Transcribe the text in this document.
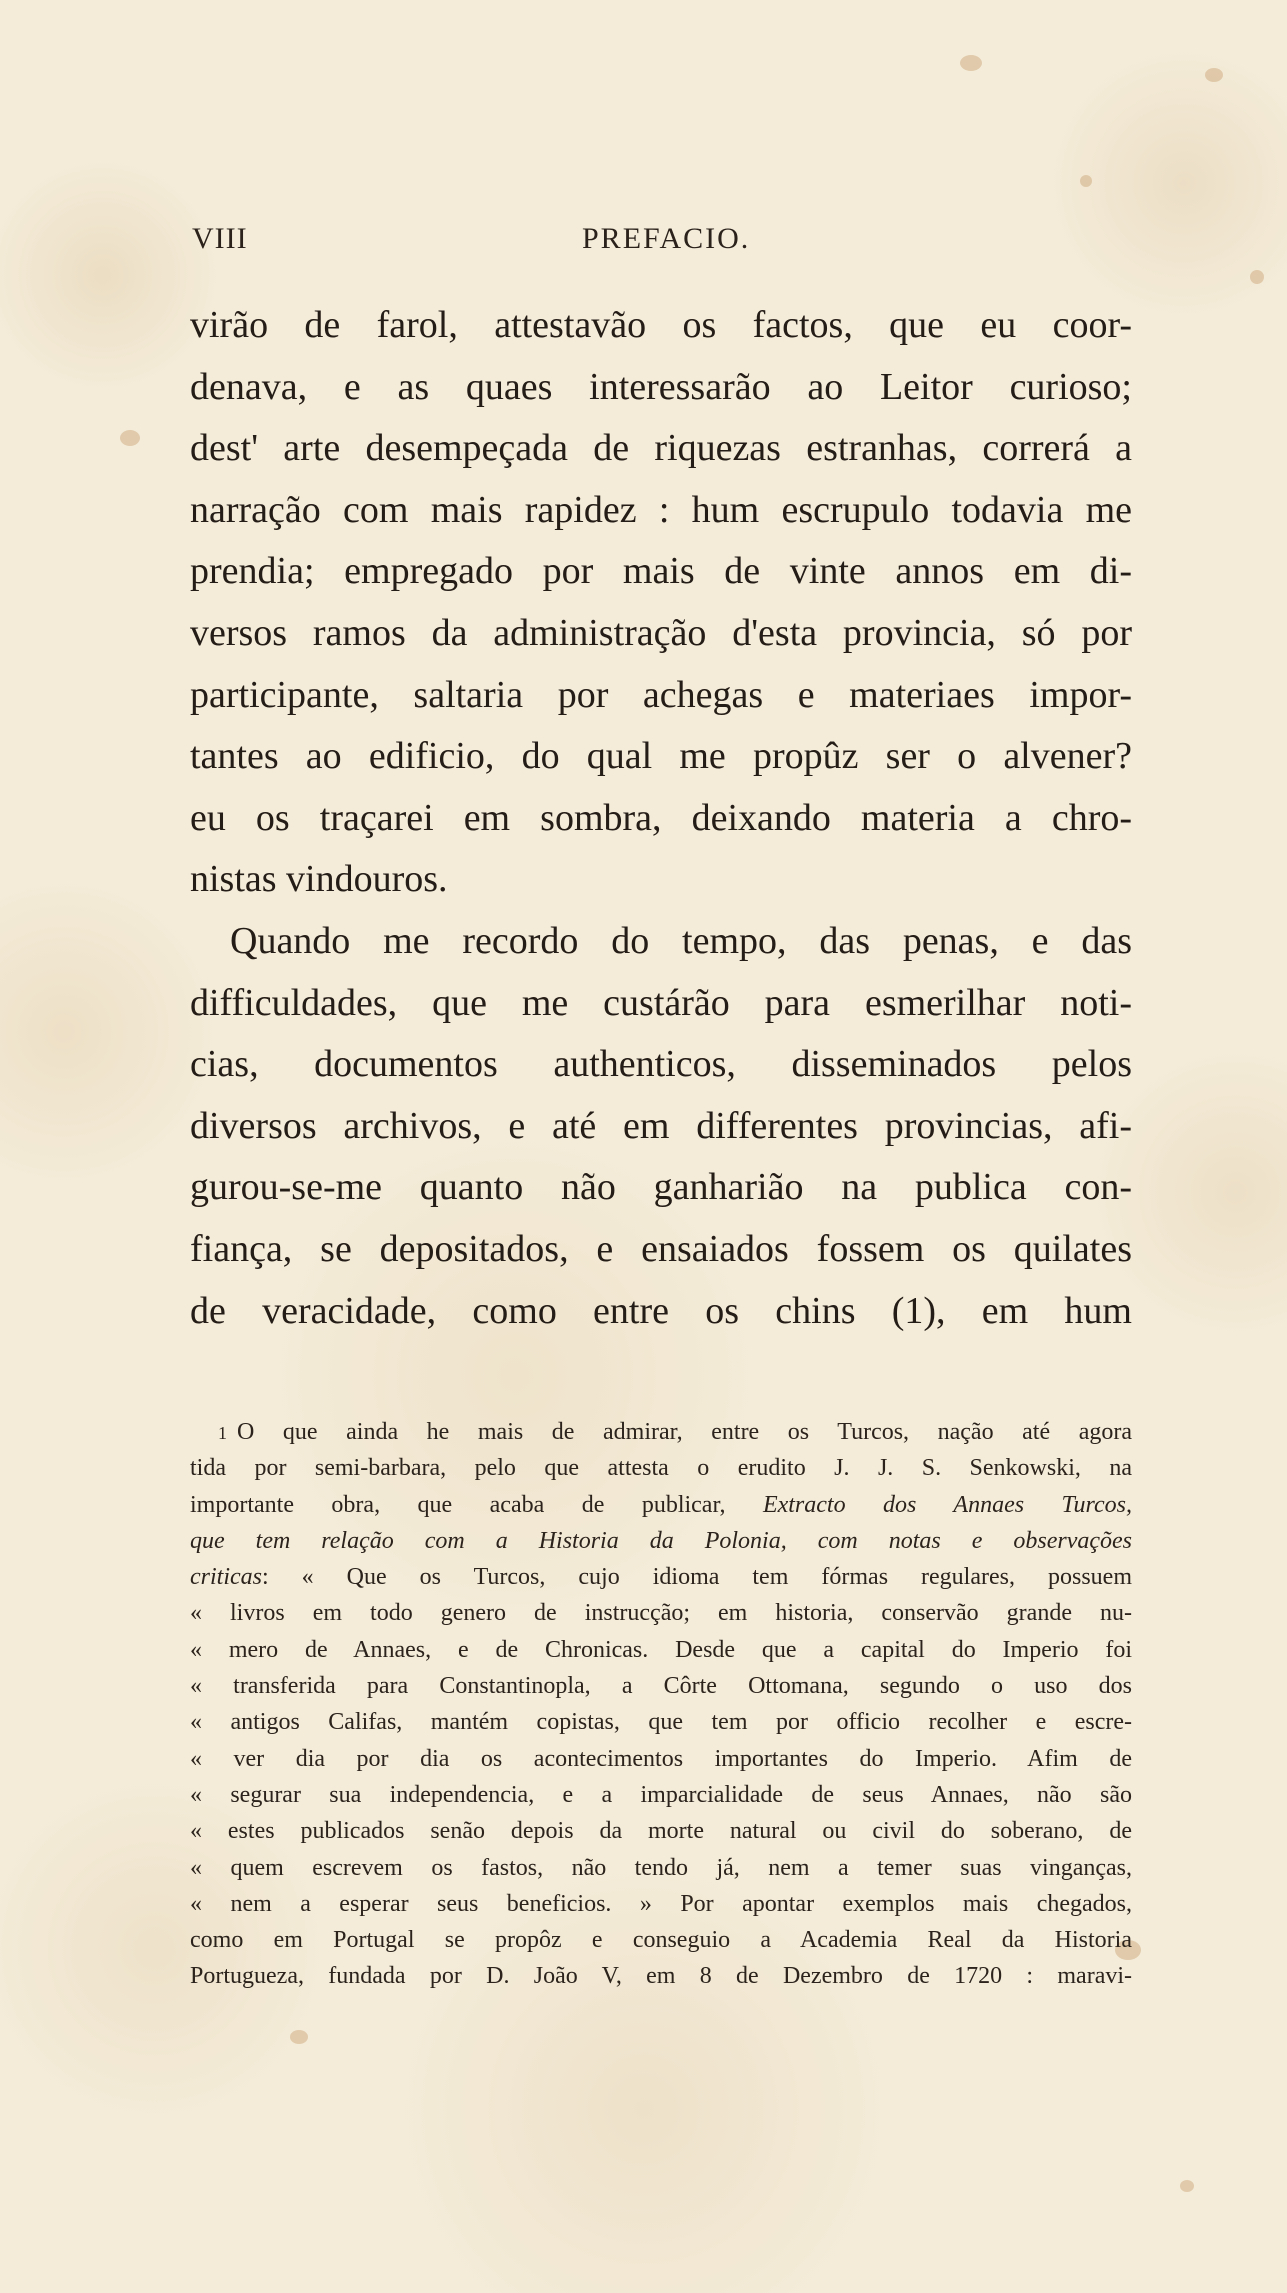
VIII	PREFACIO.
virão de farol, attestavão os factos, que eu coor-
denava, e as quaes interessarão ao Leitor curioso;
dest' arte desempeçada de riquezas estranhas, correrá a
narração com mais rapidez : hum escrupulo todavia me
prendia; empregado por mais de vinte annos em di-
versos ramos da administração d'esta provincia, só por
participante, saltaria por achegas e materiaes impor-
tantes ao edificio, do qual me propûz ser o alvener?
eu os traçarei em sombra, deixando materia a chro-
nistas vindouros.
Quando me recordo do tempo, das penas, e das
difficuldades, que me custárão para esmerilhar noti-
cias, documentos authenticos, disseminados pelos
diversos archivos, e até em differentes provincias, afi-
gurou-se-me quanto não ganharião na publica con-
fiança, se depositados, e ensaiados fossem os quilates
de veracidade, como entre os chins (1), em hum
1 O que ainda he mais de admirar, entre os Turcos, nação até agora
tida por semi-barbara, pelo que attesta o erudito J. J. S. Senkowski, na
importante obra, que acaba de publicar, Extracto dos Annaes Turcos,
que tem relação com a Historia da Polonia, com notas e observações
criticas: « Que os Turcos, cujo idioma tem fórmas regulares, possuem
« livros em todo genero de instrucção; em historia, conservão grande nu-
« mero de Annaes, e de Chronicas. Desde que a capital do Imperio foi
« transferida para Constantinopla, a Côrte Ottomana, segundo o uso dos
« antigos Califas, mantém copistas, que tem por officio recolher e escre-
« ver dia por dia os acontecimentos importantes do Imperio. Afim de
« segurar sua independencia, e a imparcialidade de seus Annaes, não são
« estes publicados senão depois da morte natural ou civil do soberano, de
« quem escrevem os fastos, não tendo já, nem a temer suas vinganças,
« nem a esperar seus beneficios. » Por apontar exemplos mais chegados,
como em Portugal se propôz e conseguio a Academia Real da Historia
Portugueza, fundada por D. João V, em 8 de Dezembro de 1720 : maravi-
